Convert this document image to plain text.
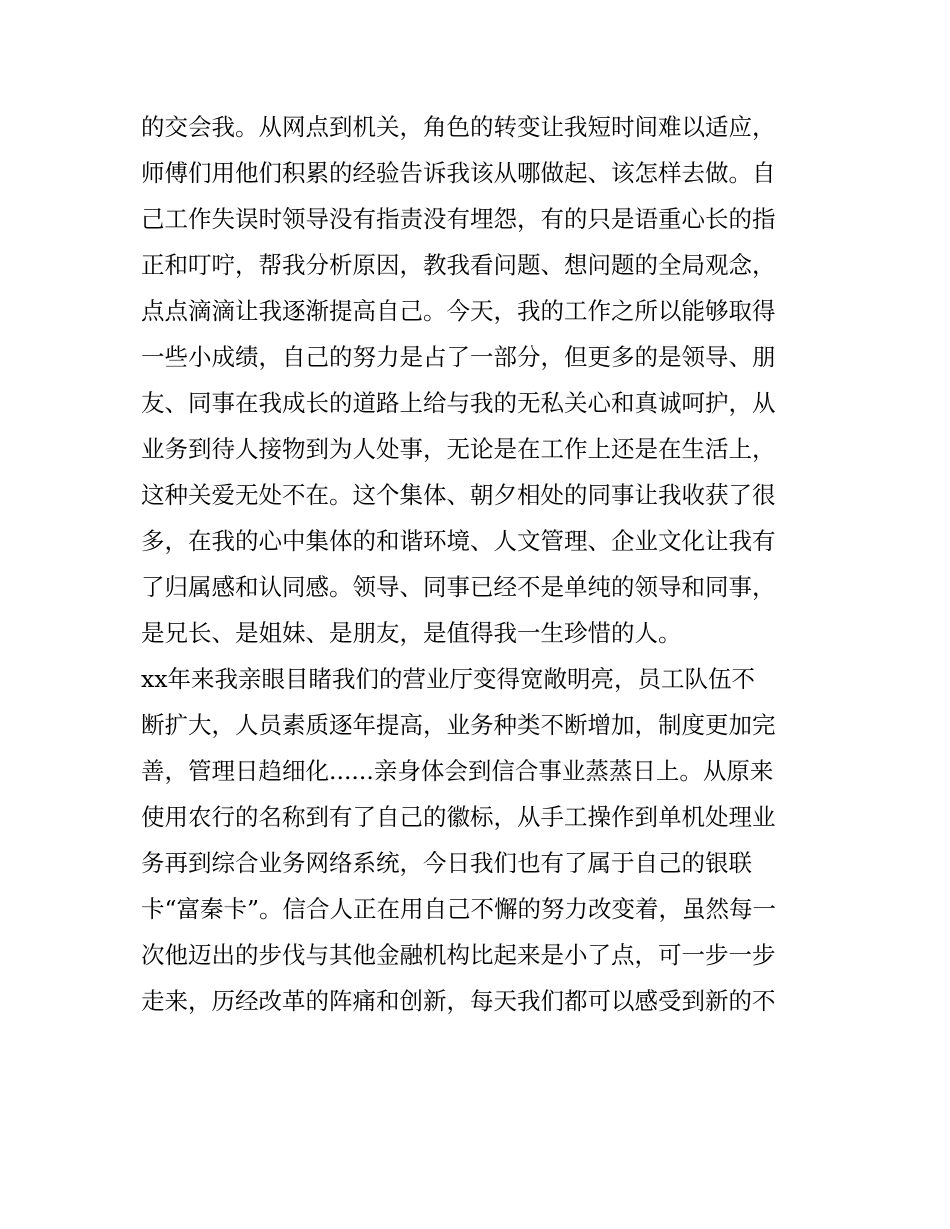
的交会我。从网点到机关，角色的转变让我短时间难以适应，
师傅们用他们积累的经验告诉我该从哪做起、该怎样去做。自
己工作失误时领导没有指责没有埋怨，有的只是语重心长的指
正和叮咛，帮我分析原因，教我看问题、想问题的全局观念，
点点滴滴让我逐渐提高自己。今天，我的工作之所以能够取得
一些小成绩，自己的努力是占了一部分，但更多的是领导、朋
友、同事在我成长的道路上给与我的无私关心和真诚呵护，从
业务到待人接物到为人处事，无论是在工作上还是在生活上，
这种关爱无处不在。这个集体、朝夕相处的同事让我收获了很
多，在我的心中集体的和谐环境、人文管理、企业文化让我有
了归属感和认同感。领导、同事已经不是单纯的领导和同事，
是兄长、是姐妹、是朋友，是值得我一生珍惜的人。
xx年来我亲眼目睹我们的营业厅变得宽敞明亮，员工队伍不
断扩大，人员素质逐年提高，业务种类不断增加，制度更加完
善，管理日趋细化......亲身体会到信合事业蒸蒸日上。从原来
使用农行的名称到有了自己的徽标，从手工操作到单机处理业
务再到综合业务网络系统，今日我们也有了属于自己的银联
卡“富秦卡”。信合人正在用自己不懈的努力改变着，虽然每一
次他迈出的步伐与其他金融机构比起来是小了点，可一步一步
走来，历经改革的阵痛和创新，每天我们都可以感受到新的不
